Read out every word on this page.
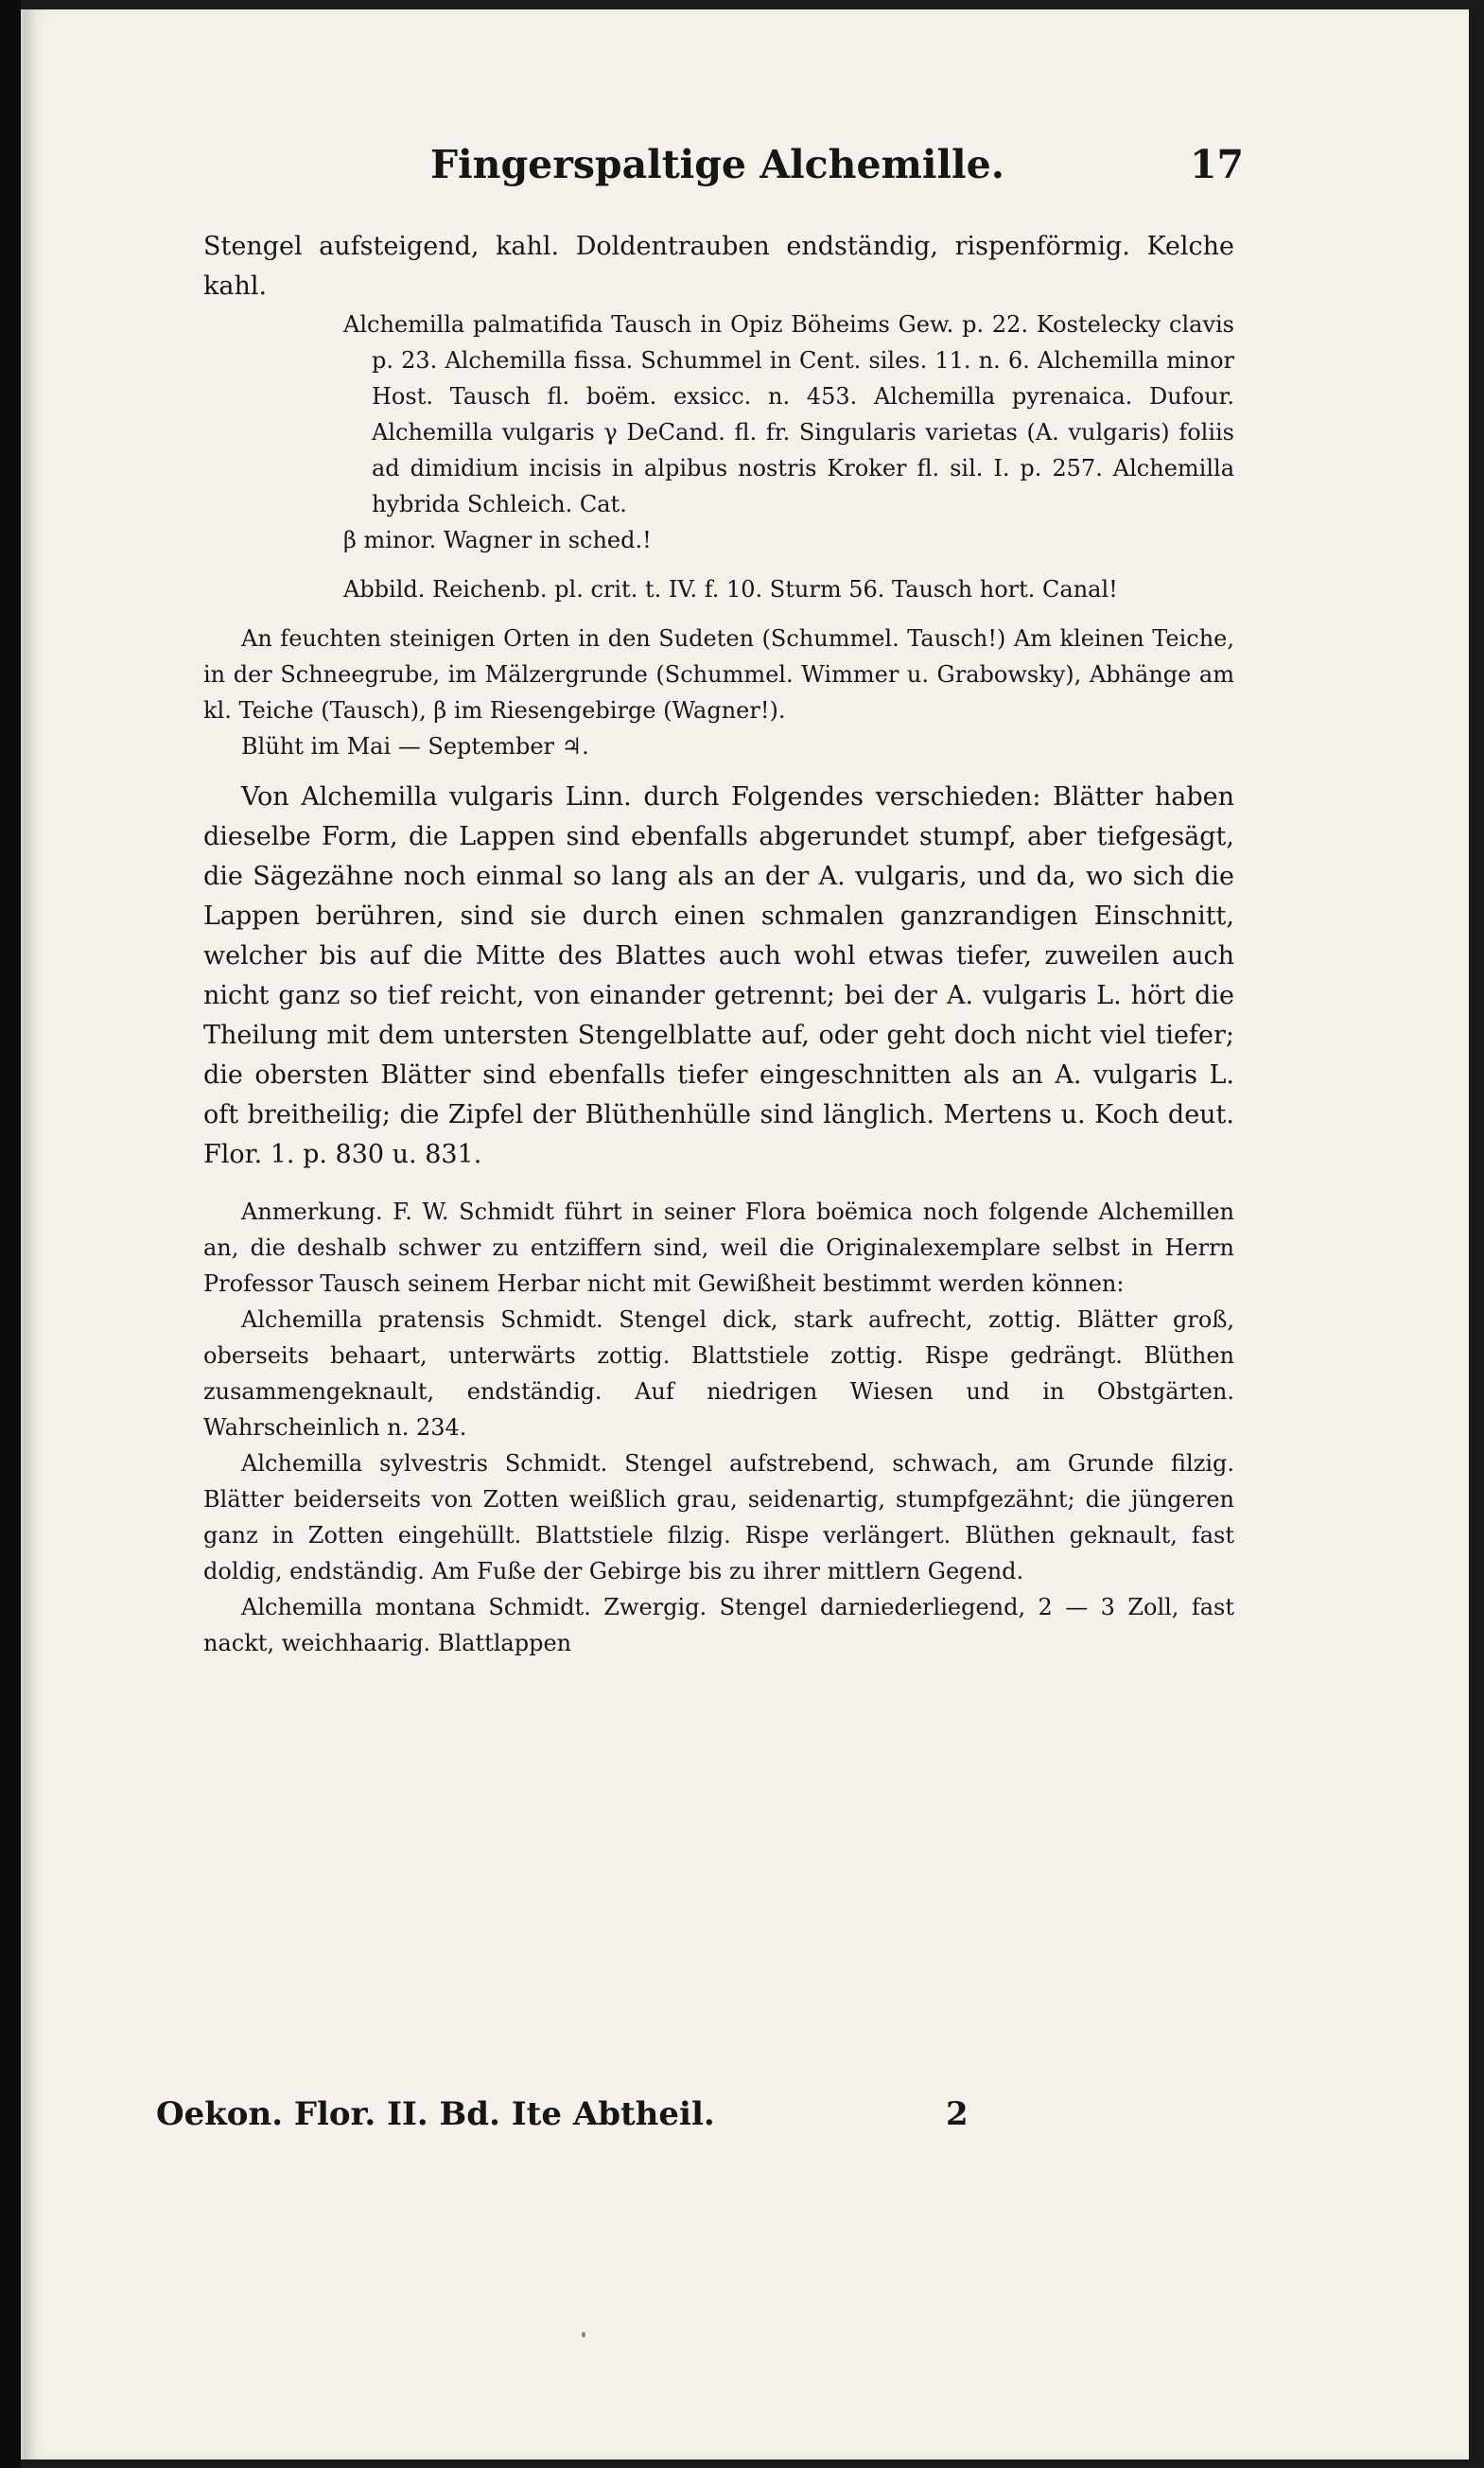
Fingerspaltige Alchemille.	17

Stengel aufsteigend, kahl. Doldentrauben endständig, rispenförmig. Kelche kahl.

Alchemilla palmatifida Tausch in Opiz Böheims Gew. p. 22. Kostelecky clavis p. 23. Alchemilla fissa. Schummel in Cent. siles. 11. n. 6. Alchemilla minor Host. Tausch fl. boëm. exsicc. n. 453. Alchemilla pyrenaica. Dufour. Alchemilla vulgaris γ DeCand. fl. fr. Singularis varietas (A. vulgaris) foliis ad dimidium incisis in alpibus nostris Kroker fl. sil. I. p. 257. Alchemilla hybrida Schleich. Cat.

β minor. Wagner in sched.!

Abbild. Reichenb. pl. crit. t. IV. f. 10. Sturm 56. Tausch hort. Canal!

An feuchten steinigen Orten in den Sudeten (Schummel. Tausch!) Am kleinen Teiche, in der Schneegrube, im Mälzergrunde (Schummel. Wimmer u. Grabowsky), Abhänge am kl. Teiche (Tausch), β im Riesengebirge (Wagner!).

Blüht im Mai — September ♃.

Von Alchemilla vulgaris Linn. durch Folgendes verschieden: Blätter haben dieselbe Form, die Lappen sind ebenfalls abgerundet stumpf, aber tiefgesägt, die Sägezähne noch einmal so lang als an der A. vulgaris, und da, wo sich die Lappen berühren, sind sie durch einen schmalen ganzrandigen Einschnitt, welcher bis auf die Mitte des Blattes auch wohl etwas tiefer, zuweilen auch nicht ganz so tief reicht, von einander getrennt; bei der A. vulgaris L. hört die Theilung mit dem untersten Stengelblatte auf, oder geht doch nicht viel tiefer; die obersten Blätter sind ebenfalls tiefer eingeschnitten als an A. vulgaris L. oft breitheilig; die Zipfel der Blüthenhülle sind länglich. Mertens u. Koch deut. Flor. 1. p. 830 u. 831.

Anmerkung. F. W. Schmidt führt in seiner Flora boëmica noch folgende Alchemillen an, die deshalb schwer zu entziffern sind, weil die Originalexemplare selbst in Herrn Professor Tausch seinem Herbar nicht mit Gewißheit bestimmt werden können:

Alchemilla pratensis Schmidt. Stengel dick, stark aufrecht, zottig. Blätter groß, oberseits behaart, unterwärts zottig. Blattstiele zottig. Rispe gedrängt. Blüthen zusammengeknault, endständig. Auf niedrigen Wiesen und in Obstgärten. Wahrscheinlich n. 234.

Alchemilla sylvestris Schmidt. Stengel aufstrebend, schwach, am Grunde filzig. Blätter beiderseits von Zotten weißlich grau, seidenartig, stumpfgezähnt; die jüngeren ganz in Zotten eingehüllt. Blattstiele filzig. Rispe verlängert. Blüthen geknault, fast doldig, endständig. Am Fuße der Gebirge bis zu ihrer mittlern Gegend.

Alchemilla montana Schmidt. Zwergig. Stengel darniederliegend, 2 — 3 Zoll, fast nackt, weichhaarig. Blattlappen

Oekon. Flor. II. Bd. Ite Abtheil.	2
